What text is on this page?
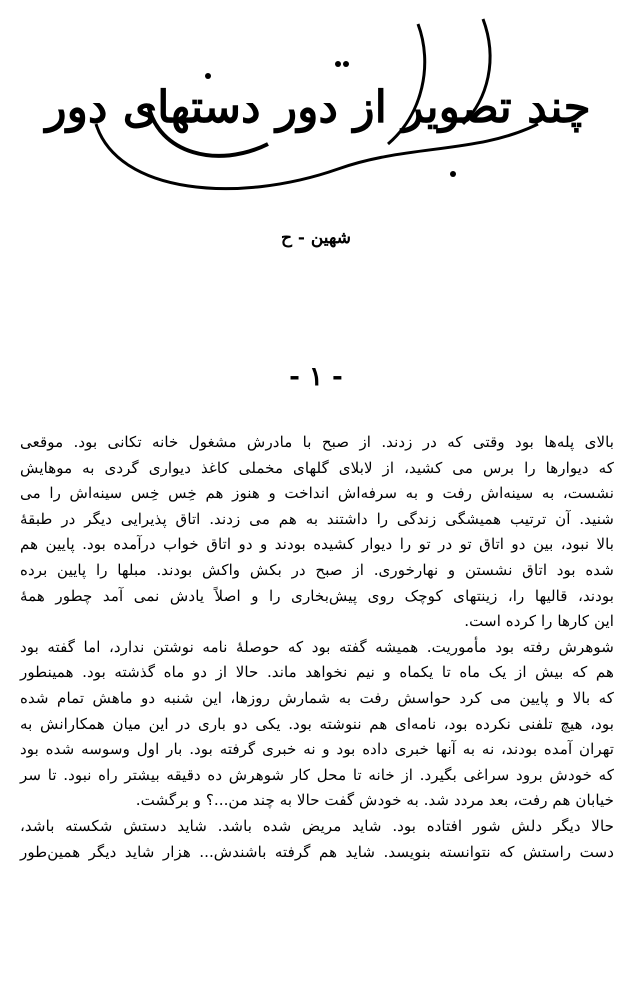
چند تصویر از دور دستهای دور
شهین - ح
- ۱ -

بالای پله‌ها بود وقتی که در زدند. از صبح با مادرش مشغول خانه تکانی بود. موقعی
که دیوارها را برس می کشید، از لابلای گلهای مخملی کاغذ دیواری گردی به موهایش
نشست، به سینه‌اش رفت و به سرفه‌اش انداخت و هنوز هم خِس خِس سینه‌اش را می
شنید. آن ترتیب همیشگی زندگی را داشتند به هم می زدند. اتاق پذیرایی دیگر در طبقهٔ
بالا نبود، بین دو اتاق تو در تو را دیوار کشیده بودند و دو اتاق خواب درآمده بود. پایین هم
شده بود اتاق نشستن و نهارخوری. از صبح در بکش واکش بودند. مبلها را پایین برده
بودند، قالیها را، زینتهای کوچک روی پیش‌بخاری را و اصلاً یادش نمی آمد چطور همهٔ
این کارها را کرده است.

شوهرش رفته بود مأموریت. همیشه گفته بود که حوصلهٔ نامه نوشتن ندارد، اما گفته بود
هم که بیش از یک ماه تا یکماه و نیم نخواهد ماند. حالا از دو ماه گذشته بود. همینطور
که بالا و پایین می کرد حواسش رفت به شمارش روزها، این شنبه دو ماهش تمام شده
بود، هیچ تلفنی نکرده بود، نامه‌ای هم ننوشته بود. یکی دو باری در این میان همکارانش به
تهران آمده بودند، نه به آنها خبری داده بود و نه خبری گرفته بود. بار اول وسوسه شده بود
که خودش برود سراغی بگیرد. از خانه تا محل کار شوهرش ده دقیقه بیشتر راه نبود. تا سر
خیابان هم رفت، بعد مردد شد. به خودش گفت حالا به چند من...؟ و برگشت.

حالا دیگر دلش شور افتاده بود. شاید مریض شده باشد. شاید دستش شکسته باشد،
دست راستش که نتوانسته بنویسد. شاید هم گرفته باشندش... هزار شاید دیگر همین‌طور
